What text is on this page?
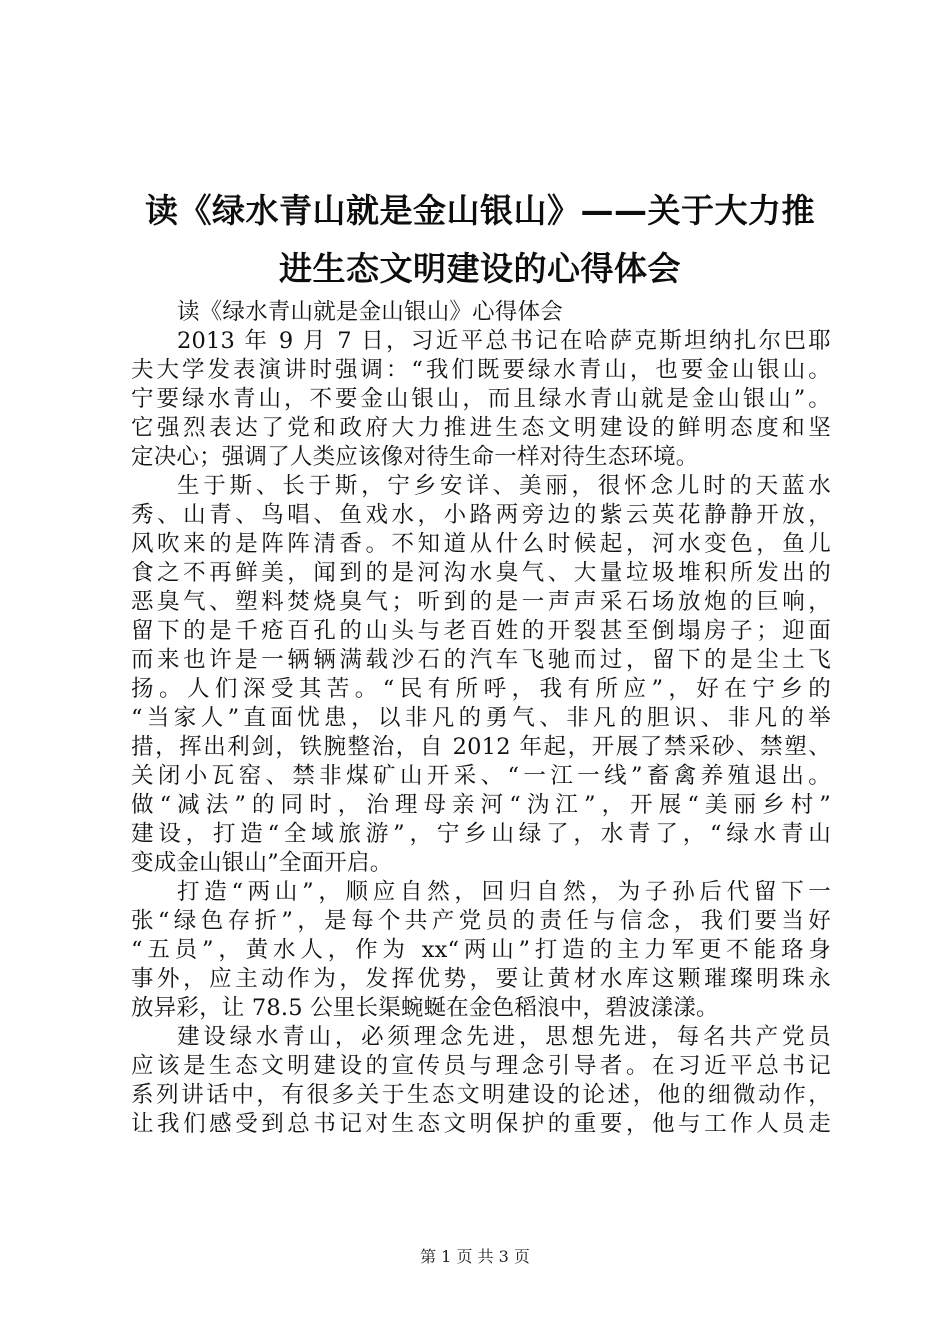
读《绿水青山就是金山银山》——关于大力推
进生态文明建设的心得体会
读《绿水青山就是金山银山》心得体会
2013 年 9 月 7 日，习近平总书记在哈萨克斯坦纳扎尔巴耶
夫大学发表演讲时强调：“我们既要绿水青山，也要金山银山。
宁要绿水青山，不要金山银山，而且绿水青山就是金山银山”。
它强烈表达了党和政府大力推进生态文明建设的鲜明态度和坚
定决心；强调了人类应该像对待生命一样对待生态环境。
生于斯、长于斯，宁乡安详、美丽，很怀念儿时的天蓝水
秀、山青、鸟唱、鱼戏水，小路两旁边的紫云英花静静开放，
风吹来的是阵阵清香。不知道从什么时候起，河水变色，鱼儿
食之不再鲜美，闻到的是河沟水臭气、大量垃圾堆积所发出的
恶臭气、塑料焚烧臭气；听到的是一声声采石场放炮的巨响，
留下的是千疮百孔的山头与老百姓的开裂甚至倒塌房子；迎面
而来也许是一辆辆满载沙石的汽车飞驰而过，留下的是尘土飞
扬。人们深受其苦。“民有所呼，我有所应”，好在宁乡的
“当家人”直面忧患，以非凡的勇气、非凡的胆识、非凡的举
措，挥出利剑，铁腕整治，自 2012 年起，开展了禁采砂、禁塑、
关闭小瓦窑、禁非煤矿山开采、“一江一线”畜禽养殖退出。
做“减法”的同时，治理母亲河“沩江”，开展“美丽乡村”
建设，打造“全域旅游”，宁乡山绿了，水青了，“绿水青山
变成金山银山”全面开启。
打造“两山”，顺应自然，回归自然，为子孙后代留下一
张“绿色存折”，是每个共产党员的责任与信念，我们要当好
“五员”，黄水人，作为 xx“两山”打造的主力军更不能珞身
事外，应主动作为，发挥优势，要让黄材水库这颗璀璨明珠永
放异彩，让 78.5 公里长渠蜿蜒在金色稻浪中，碧波漾漾。
建设绿水青山，必须理念先进，思想先进，每名共产党员
应该是生态文明建设的宣传员与理念引导者。在习近平总书记
系列讲话中，有很多关于生态文明建设的论述，他的细微动作，
让我们感受到总书记对生态文明保护的重要，他与工作人员走
第 1 页 共 3 页
